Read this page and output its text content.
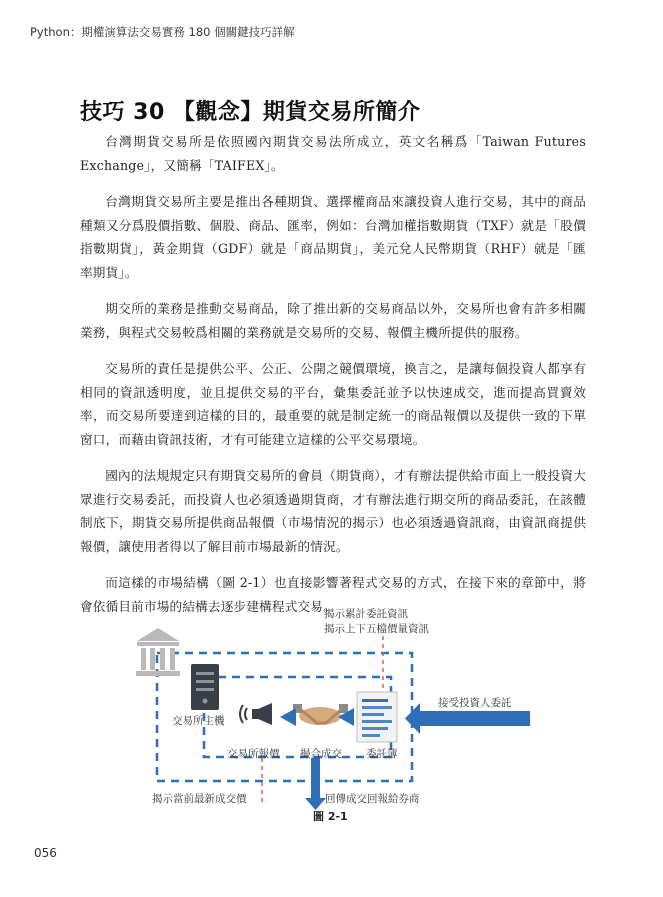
Python：期權演算法交易實務 180 個關鍵技巧詳解
技巧 30 【觀念】期貨交易所簡介

台灣期貨交易所是依照國內期貨交易法所成立，英文名稱爲「Taiwan Futures Exchange」，又簡稱「TAIFEX」。

台灣期貨交易所主要是推出各種期貨、選擇權商品來讓投資人進行交易，其中的商品種類又分爲股價指數、個股、商品、匯率，例如：台灣加權指數期貨（TXF）就是「股價指數期貨」，黃金期貨（GDF）就是「商品期貨」，美元兌人民幣期貨（RHF）就是「匯率期貨」。

期交所的業務是推動交易商品，除了推出新的交易商品以外，交易所也會有許多相關業務，與程式交易較爲相關的業務就是交易所的交易、報價主機所提供的服務。

交易所的責任是提供公平、公正、公開之競價環境，換言之，是讓每個投資人都享有相同的資訊透明度，並且提供交易的平台，彙集委託並予以快速成交，進而提高買賣效率，而交易所要達到這樣的目的，最重要的就是制定統一的商品報價以及提供一致的下單窗口，而藉由資訊技術，才有可能建立這樣的公平交易環境。

國內的法規規定只有期貨交易所的會員（期貨商），才有辦法提供給市面上一般投資大眾進行交易委託，而投資人也必須透過期貨商，才有辦法進行期交所的商品委託，在該體制底下，期貨交易所提供商品報價（市場情況的揭示）也必須透過資訊商，由資訊商提供報價，讓使用者得以了解目前市場最新的情況。

而這樣的市場結構（圖 2-1）也直接影響著程式交易的方式，在接下來的章節中，將會依循目前市場的結構去逐步建構程式交易。

揭示累計委託資訊
揭示上下五檔價量資訊
交易所主機
交易所報價 撮合成交 委託簿
接受投資人委託
揭示當前最新成交價	回傳成交回報給券商
圖 2-1
056
